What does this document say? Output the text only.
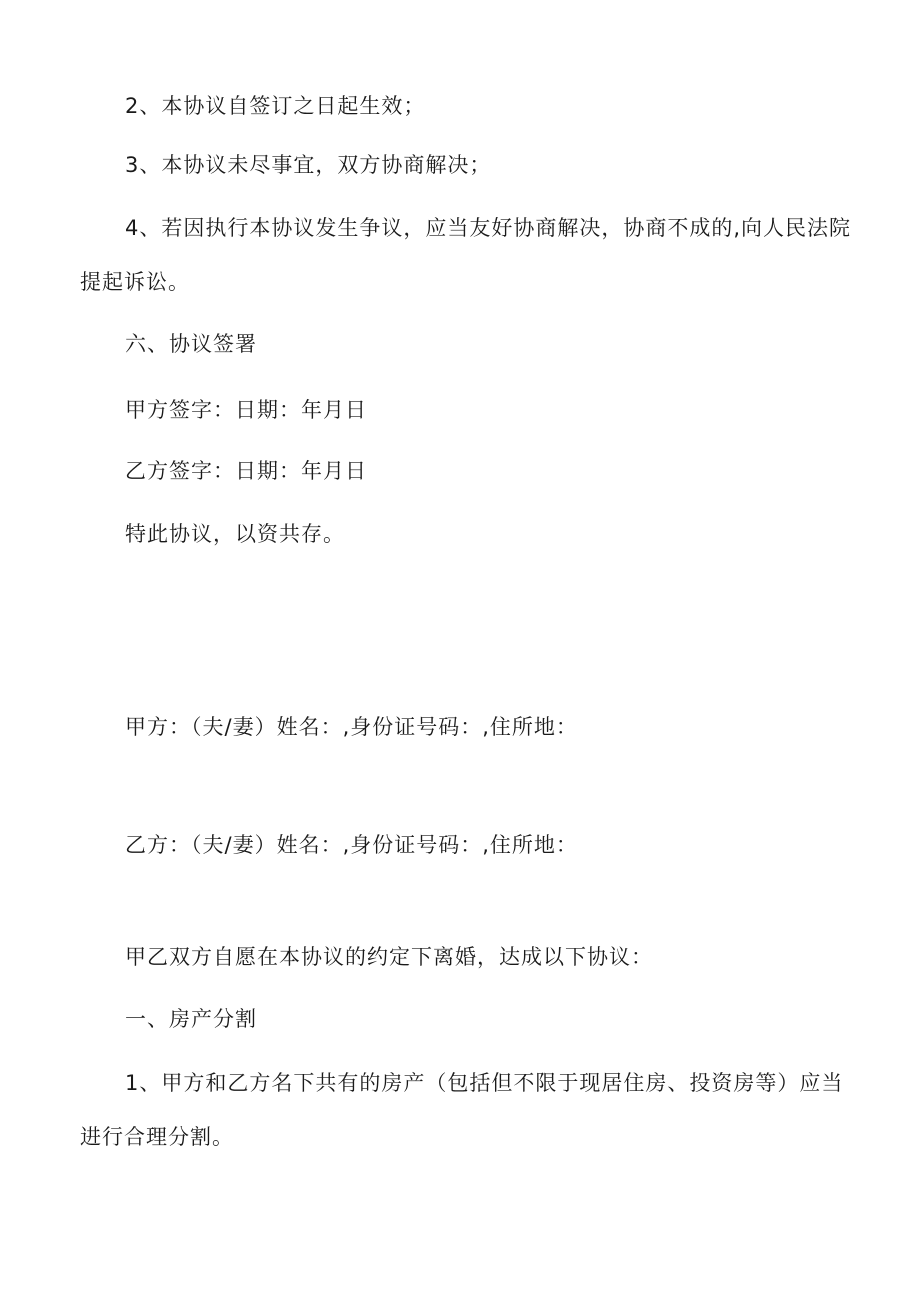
2、本协议自签订之日起生效；
3、本协议未尽事宜，双方协商解决；
4、若因执行本协议发生争议，应当友好协商解决，协商不成的,向人民法院
提起诉讼。
六、协议签署
甲方签字：日期：年月日
乙方签字：日期：年月日
特此协议，以资共存。
甲方：（夫/妻）姓名：,身份证号码：,住所地：
乙方：（夫/妻）姓名：,身份证号码：,住所地：
甲乙双方自愿在本协议的约定下离婚，达成以下协议：
一、房产分割
1、甲方和乙方名下共有的房产（包括但不限于现居住房、投资房等）应当
进行合理分割。
